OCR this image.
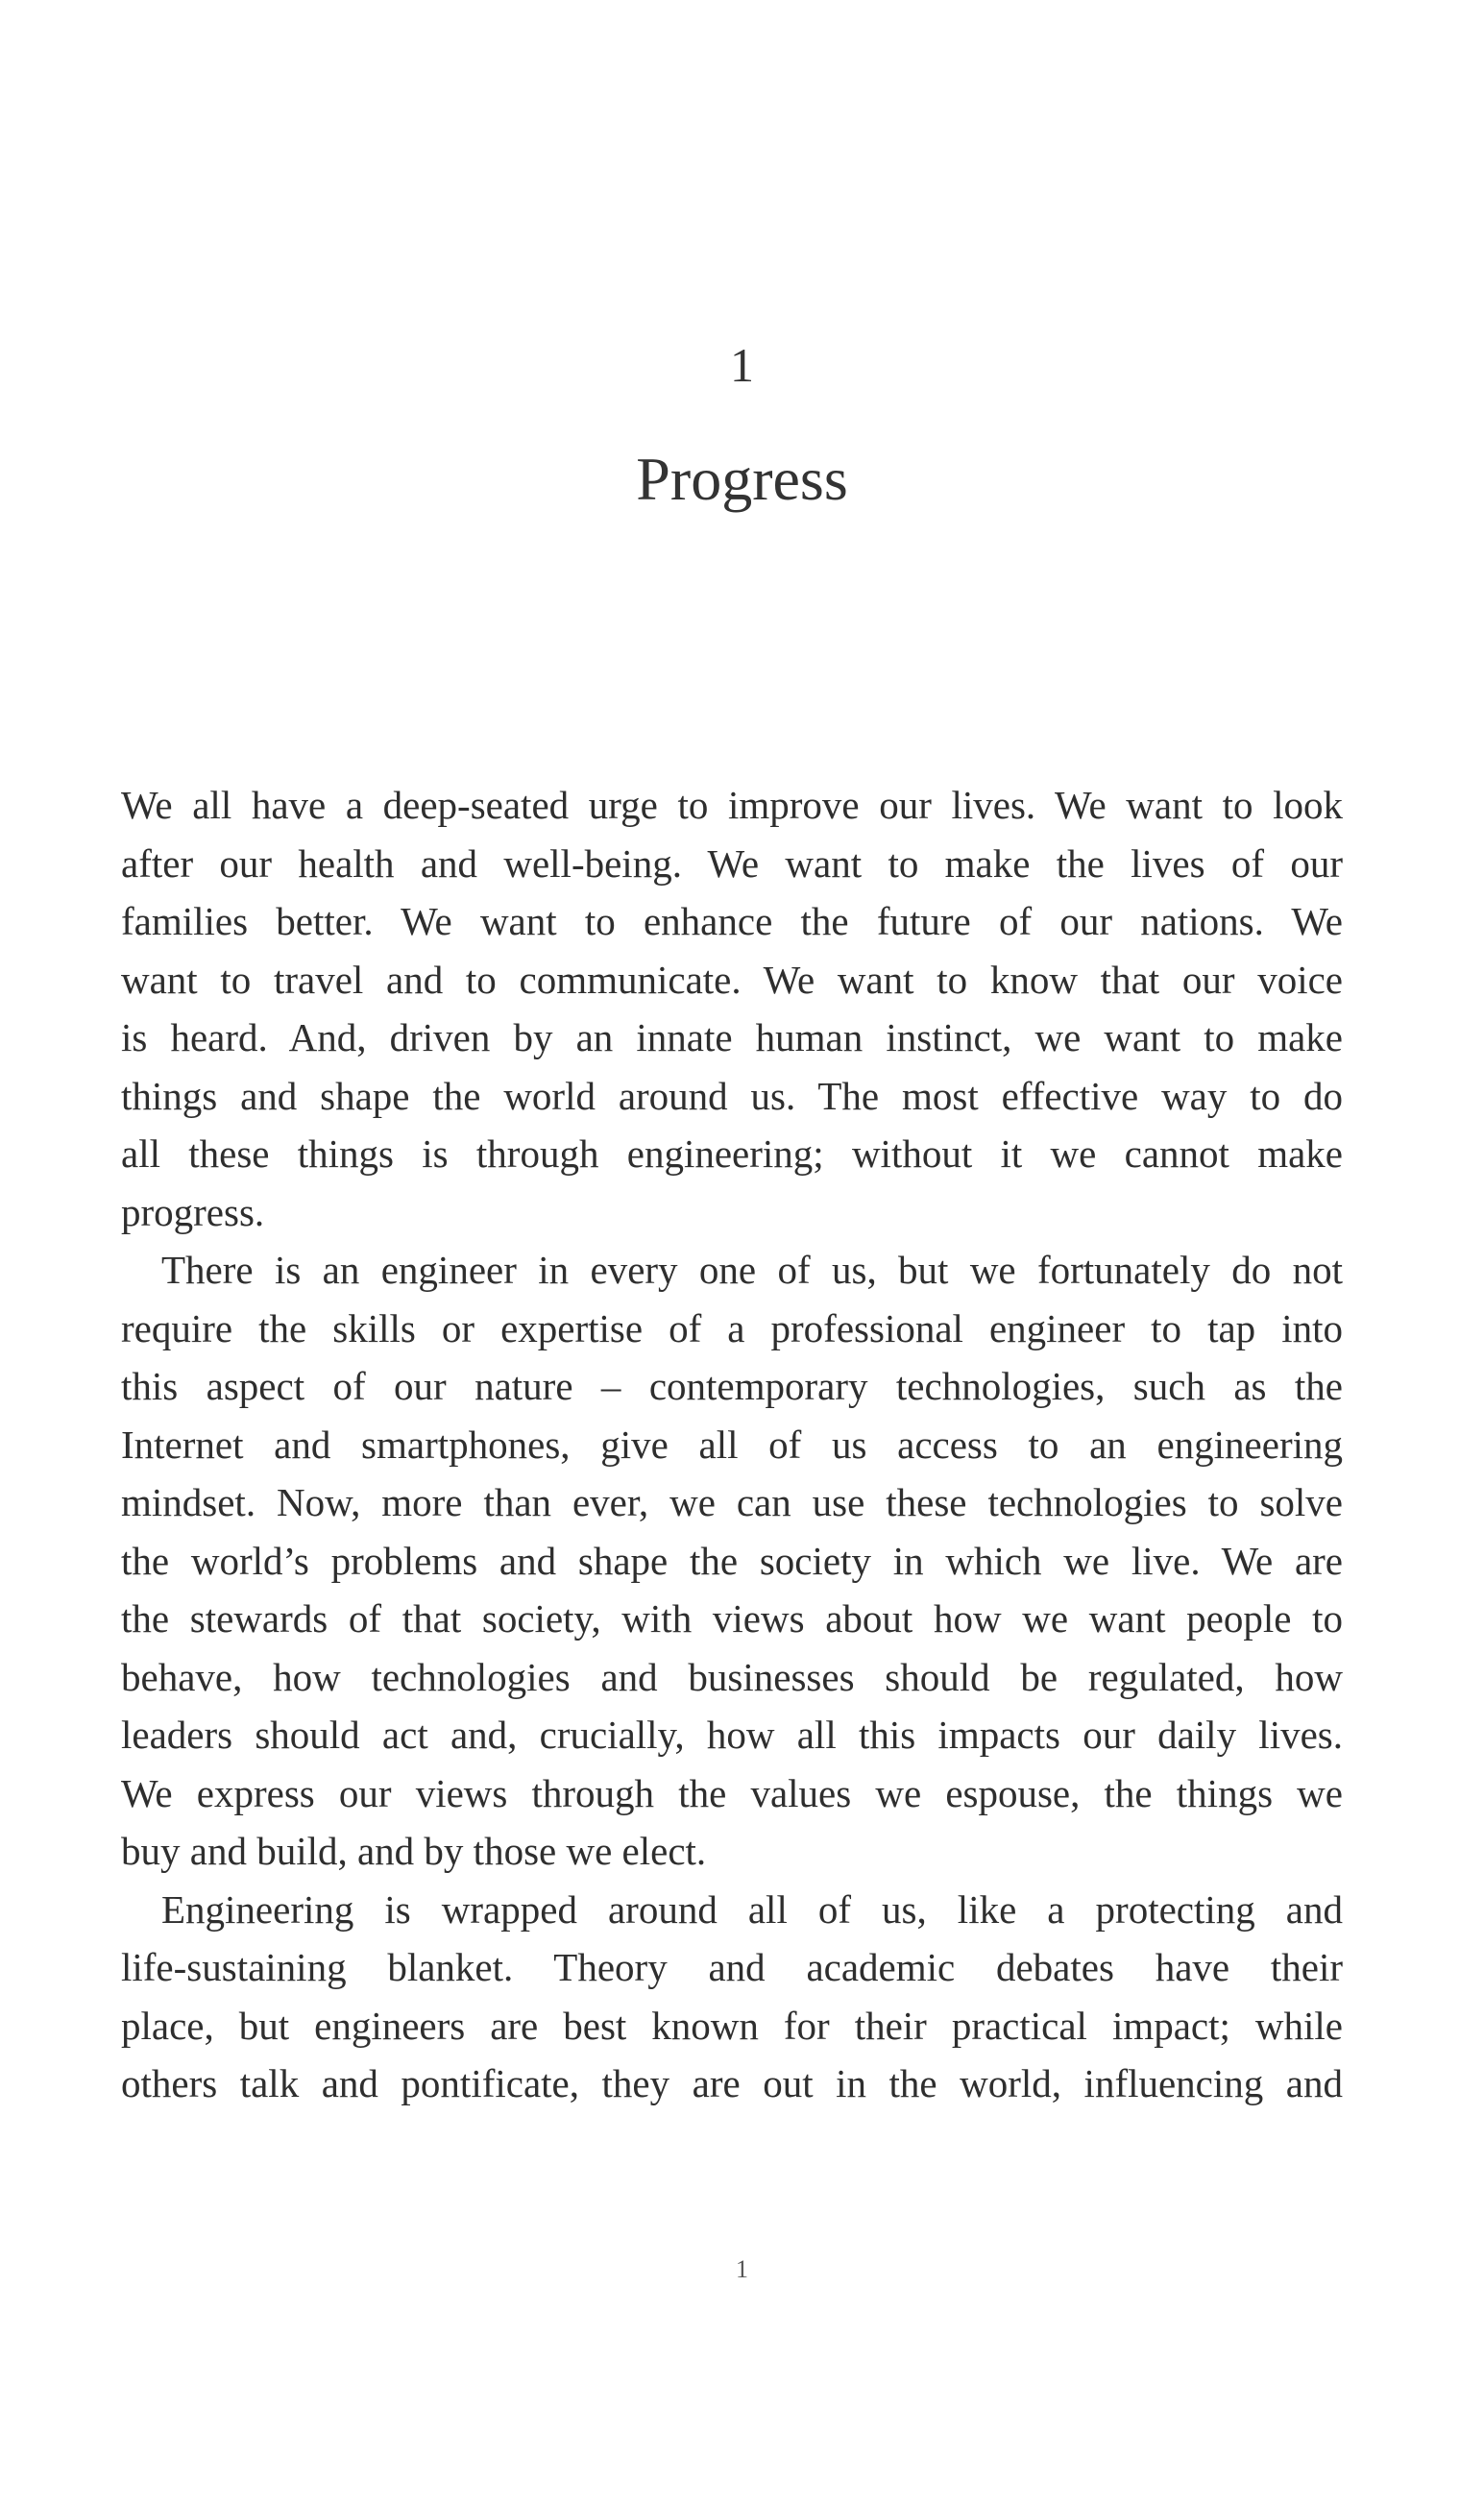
1
Progress

We all have a deep-seated urge to improve our lives. We want to look
after our health and well-being. We want to make the lives of our
families better. We want to enhance the future of our nations. We
want to travel and to communicate. We want to know that our voice
is heard. And, driven by an innate human instinct, we want to make
things and shape the world around us. The most effective way to do
all these things is through engineering; without it we cannot make
progress.

There is an engineer in every one of us, but we fortunately do not
require the skills or expertise of a professional engineer to tap into
this aspect of our nature – contemporary technologies, such as the
Internet and smartphones, give all of us access to an engineering
mindset. Now, more than ever, we can use these technologies to solve
the world’s problems and shape the society in which we live. We are
the stewards of that society, with views about how we want people to
behave, how technologies and businesses should be regulated, how
leaders should act and, crucially, how all this impacts our daily lives.
We express our views through the values we espouse, the things we
buy and build, and by those we elect.

Engineering is wrapped around all of us, like a protecting and
life-sustaining blanket. Theory and academic debates have their
place, but engineers are best known for their practical impact; while
others talk and pontificate, they are out in the world, influencing and

1
